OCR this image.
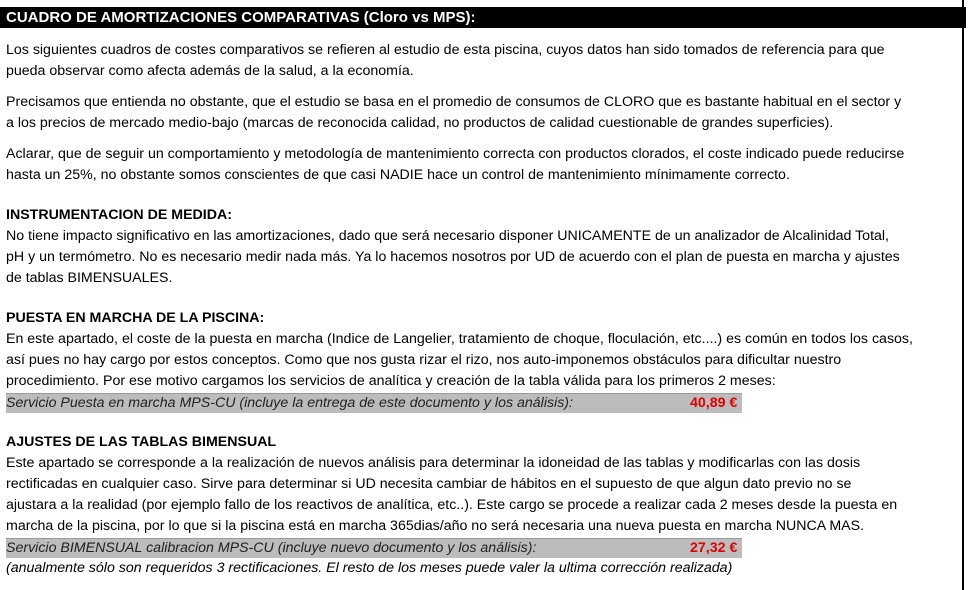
CUADRO DE AMORTIZACIONES COMPARATIVAS (Cloro vs MPS):

Los siguientes cuadros de costes comparativos se refieren al estudio de esta piscina, cuyos datos han sido tomados de referencia para que

pueda observar como afecta además de la salud, a la economía.

Precisamos que entienda no obstante, que el estudio se basa en el promedio de consumos de CLORO que es bastante habitual en el sector y

a los precios de mercado medio-bajo (marcas de reconocida calidad, no productos de calidad cuestionable de grandes superficies).

Aclarar, que de seguir un comportamiento y metodología de mantenimiento correcta con productos clorados, el coste indicado puede reducirse

hasta un 25%, no obstante somos conscientes de que casi NADIE hace un control de mantenimiento mínimamente correcto.

INSTRUMENTACION DE MEDIDA:

No tiene impacto significativo en las amortizaciones, dado que será necesario disponer UNICAMENTE de un analizador de Alcalinidad Total,

pH y un termómetro. No es necesario medir nada más. Ya lo hacemos nosotros por UD de acuerdo con el plan de puesta en marcha y ajustes

de tablas BIMENSUALES.

PUESTA EN MARCHA DE LA PISCINA:

En este apartado, el coste de la puesta en marcha (Indice de Langelier, tratamiento de choque, floculación, etc....) es común en todos los casos,

así pues no hay cargo por estos conceptos. Como que nos gusta rizar el rizo, nos auto-imponemos obstáculos para dificultar nuestro

procedimiento. Por ese motivo cargamos los servicios de analítica y creación de la tabla válida para los primeros 2 meses:

Servicio Puesta en marcha MPS-CU (incluye la entrega de este documento y los análisis):	40,89 €
AJUSTES DE LAS TABLAS BIMENSUAL

Este apartado se corresponde a la realización de nuevos análisis para determinar la idoneidad de las tablas y modificarlas con las dosis

rectificadas en cualquier caso. Sirve para determinar si UD necesita cambiar de hábitos en el supuesto de que algun dato previo no se

ajustara a la realidad (por ejemplo fallo de los reactivos de analítica, etc..). Este cargo se procede a realizar cada 2 meses desde la puesta en

marcha de la piscina, por lo que si la piscina está en marcha 365dias/año no será necesaria una nueva puesta en marcha NUNCA MAS.

Servicio BIMENSUAL calibracion MPS-CU (incluye nuevo documento y los análisis):	27,32 €

(anualmente sólo son requeridos 3 rectificaciones. El resto de los meses puede valer la ultima corrección realizada)
